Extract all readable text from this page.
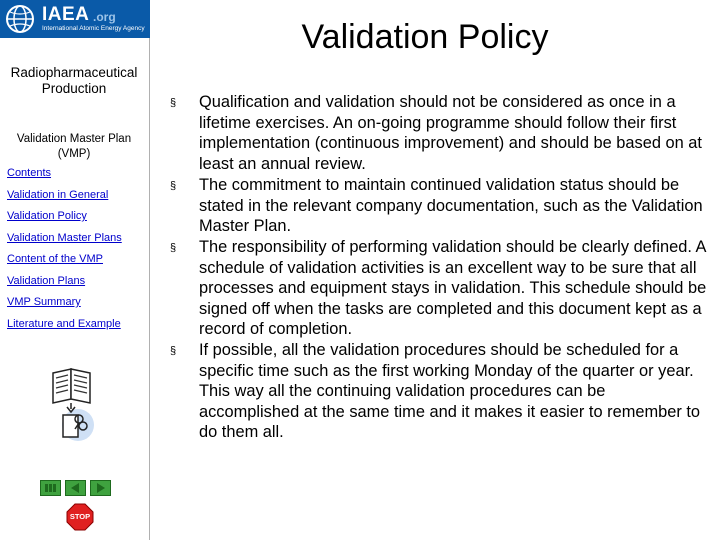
IAEA .org
International Atomic Energy Agency	Validation Policy
Radiopharmaceutical Production
Validation Master Plan (VMP)
Contents
Validation in General
Validation Policy
Validation Master Plans
Content of the VMP
Validation Plans
VMP Summary
Literature and Example
STOP
§ Qualification and validation should not be considered as once in a lifetime exercises. An on-going programme should follow their first implementation (continuous improvement) and should be based on at least an annual review.
§ The commitment to maintain continued validation status should be stated in the relevant company documentation, such as the Validation Master Plan.
§ The responsibility of performing validation should be clearly defined. A schedule of validation activities is an excellent way to be sure that all processes and equipment stays in validation. This schedule should be signed off when the tasks are completed and this document kept as a record of completion.
§ If possible, all the validation procedures should be scheduled for a specific time such as the first working Monday of the quarter or year. This way all the continuing validation procedures can be accomplished at the same time and it makes it easier to remember to do them all.
